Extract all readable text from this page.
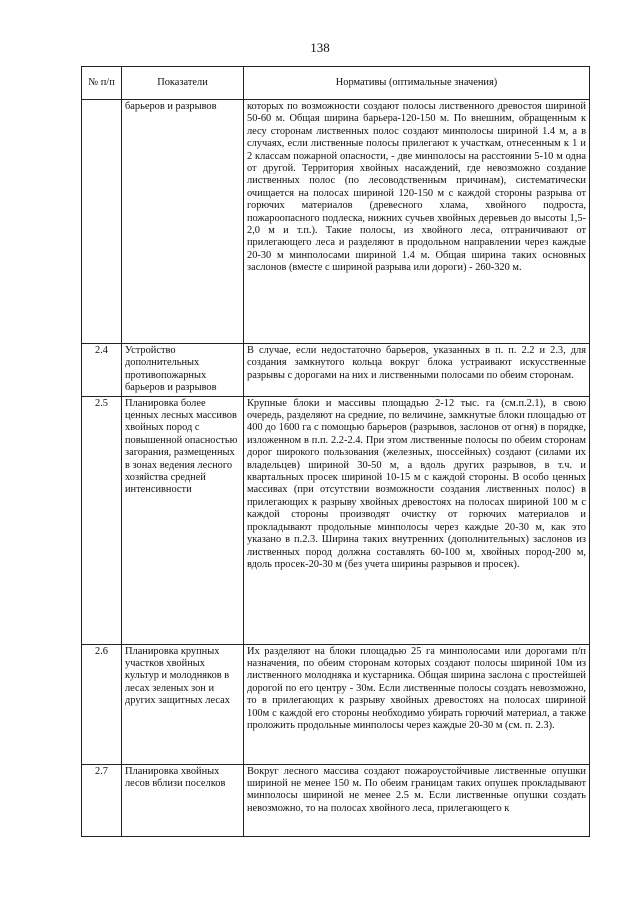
138
№ п/п	Показатели	Нормативы (оптимальные значения)
	барьеров и разрывов	которых по возможности создают полосы лиственного древостоя шириной 50-60 м. Общая ширина барьера-120-150 м. По внешним, обращенным к лесу сторонам лиственных полос создают минполосы шириной 1.4 м, а в случаях, если лиственные полосы прилегают к участкам, отнесенным к 1 и 2 классам пожарной опасности, - две минполосы на расстоянии 5-10 м одна от другой. Территория хвойных насаждений, где невозможно создание лиственных полос (по лесоводственным причинам), систематически очищается на полосах шириной 120-150 м с каждой стороны разрыва от горючих материалов (древесного хлама, хвойного подроста, пожароопасного подлеска, нижних сучьев хвойных деревьев до высоты 1,5-2,0 м и т.п.). Такие полосы, из хвойного леса, отграничивают от прилегающего леса и разделяют в продольном направлении через каждые 20-30 м минполосами шириной 1.4 м. Общая ширина таких основных заслонов (вместе с шириной разрыва или дороги) - 260-320 м.
2.4	Устройство дополнительных противопожарных барьеров и разрывов	В случае, если недостаточно барьеров, указанных в п. п. 2.2 и 2.3, для создания замкнутого кольца вокруг блока устраивают искусственные разрывы с дорогами на них и лиственными полосами по обеим сторонам.
2.5	Планировка более ценных лесных массивов хвойных пород с повышенной опасностью загорания, размещенных в зонах ведения лесного хозяйства средней интенсивности	Крупные блоки и массивы площадью 2-12 тыс. га (см.п.2.1), в свою очередь, разделяют на средние, по величине, замкнутые блоки площадью от 400 до 1600 га с помощью барьеров (разрывов, заслонов от огня) в порядке, изложенном в п.п. 2.2-2.4. При этом лиственные полосы по обеим сторонам дорог широкого пользования (железных, шоссейных) создают (силами их владельцев) шириной 30-50 м, а вдоль других разрывов, в т.ч. и квартальных просек шириной 10-15 м с каждой стороны. В особо ценных массивах (при отсутствии возможности создания лиственных полос) в прилегающих к разрыву хвойных древостоях на полосах шириной 100 м с каждой стороны производят очистку от горючих материалов и прокладывают продольные минполосы через каждые 20-30 м, как это указано в п.2.3. Ширина таких внутренних (дополнительных) заслонов из лиственных пород должна составлять 60-100 м, хвойных пород-200 м, вдоль просек-20-30 м (без учета ширины разрывов и просек).
2.6	Планировка крупных участков хвойных культур и молодняков в лесах зеленых зон и других защитных лесах	Их разделяют на блоки площадью 25 га минполосами или дорогами п/п назначения, по обеим сторонам которых создают полосы шириной 10м из лиственного молодняка и кустарника. Общая ширина заслона с простейшей дорогой по его центру - 30м. Если лиственные полосы создать невозможно, то в прилегающих к разрыву хвойных древостоях на полосах шириной 100м с каждой его стороны необходимо убирать горючий материал, а также проложить продольные минполосы через каждые 20-30 м (см. п. 2.3).
2.7	Планировка хвойных лесов вблизи поселков	Вокруг лесного массива создают пожароустойчивые лиственные опушки шириной не менее 150 м. По обеим границам таких опушек прокладывают минполосы шириной не менее 2.5 м. Если лиственные опушки создать невозможно, то на полосах хвойного леса, прилегающего к
